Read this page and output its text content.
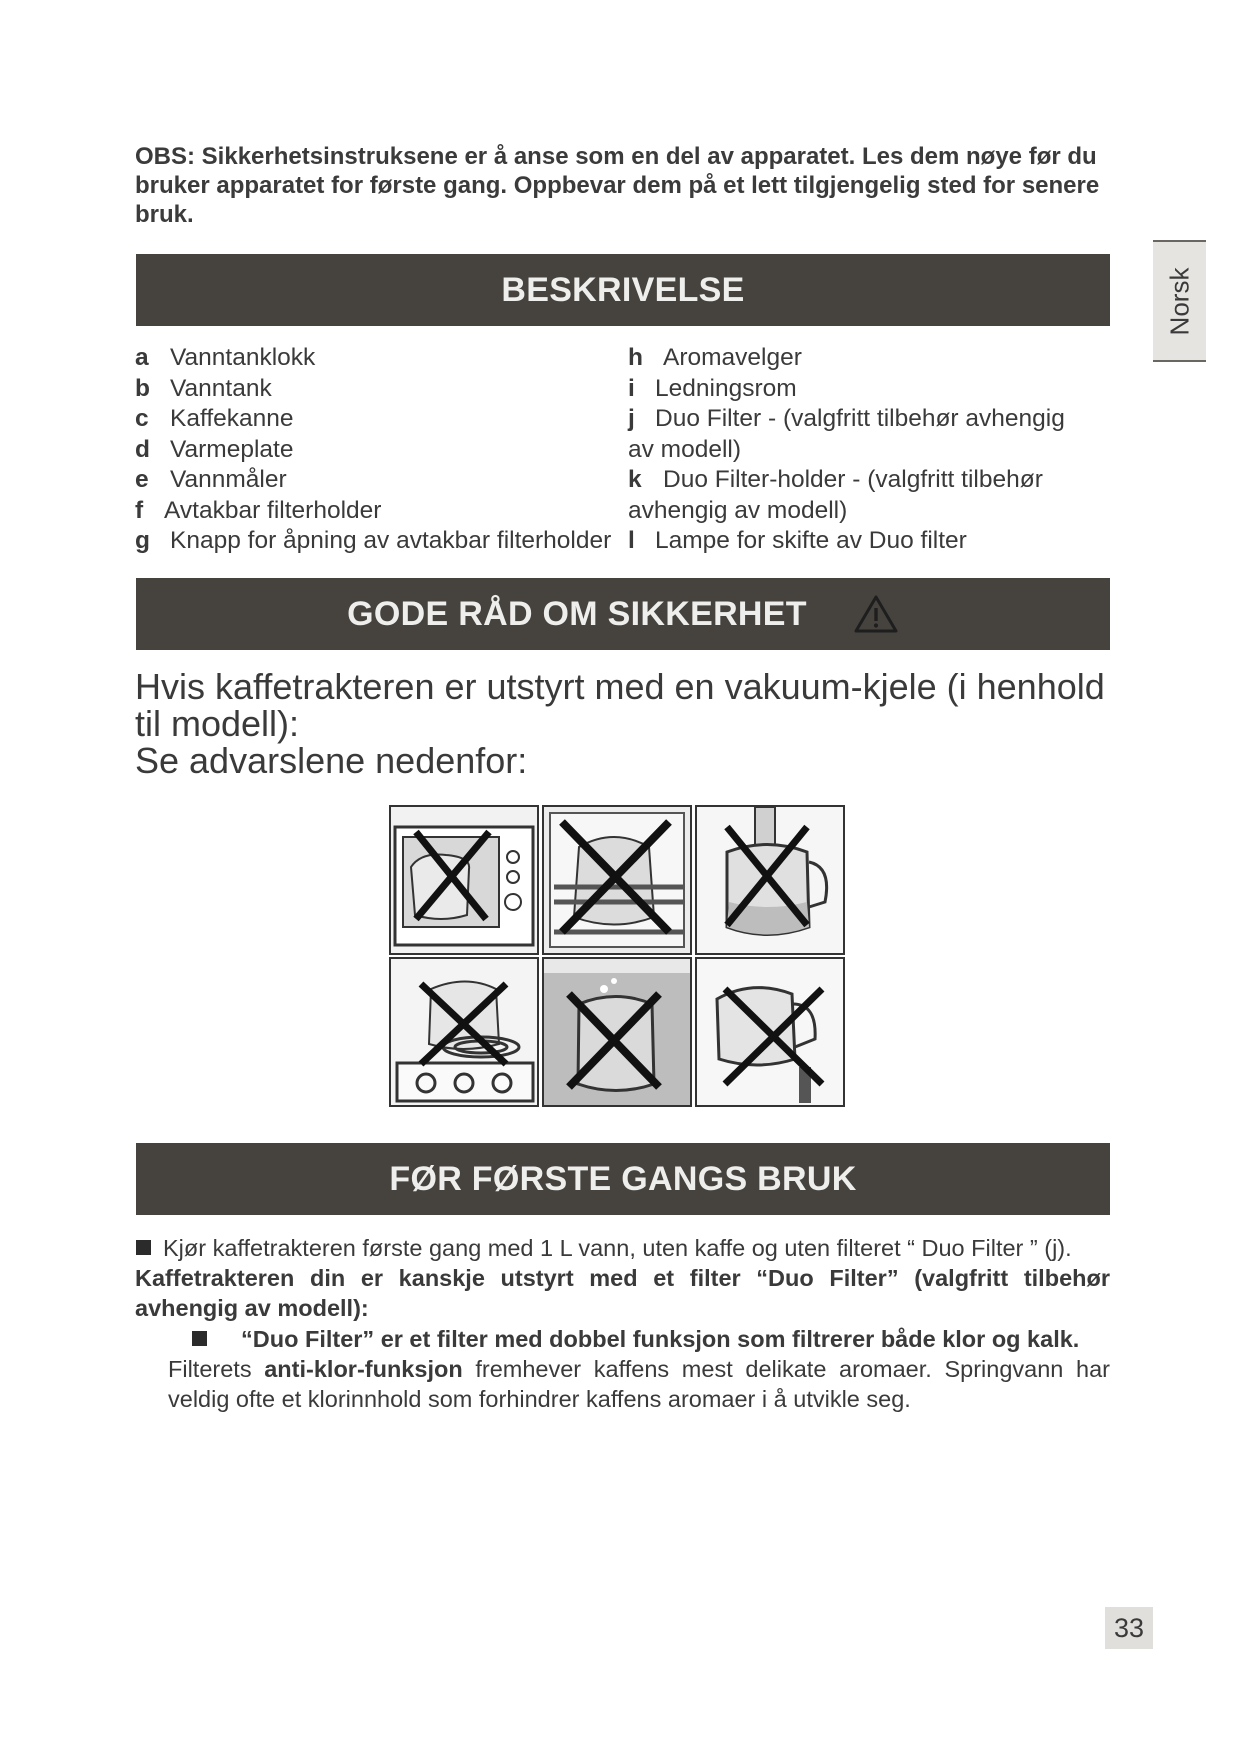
OBS: Sikkerhetsinstruksene er å anse som en del av apparatet. Les dem nøye før du bruker apparatet for første gang. Oppbevar dem på et lett tilgjengelig sted for senere bruk.
Norsk
BESKRIVELSE
a Vanntanklokk
b Vanntank
c Kaffekanne
d Varmeplate
e Vannmåler
f Avtakbar filterholder
g Knapp for åpning av avtakbar filterholder
h Aromavelger
i Ledningsrom
j Duo Filter - (valgfritt tilbehør avhengig
av modell)
k Duo Filter-holder - (valgfritt tilbehør
avhengig av modell)
l Lampe for skifte av Duo filter
GODE RÅD OM SIKKERHET
Hvis kaffetrakteren er utstyrt med en vakuum-kjele (i henhold
til modell):
Se advarslene nedenfor:
FØR FØRSTE GANGS BRUK
Kjør kaffetrakteren første gang med 1 L vann, uten kaffe og uten filteret “ Duo Filter ” (j).
Kaffetrakteren din er kanskje utstyrt med et filter “Duo Filter” (valgfritt tilbehør avhengig av modell):
“Duo Filter” er et filter med dobbel funksjon som filtrerer både klor og kalk.
Filterets anti-klor-funksjon fremhever kaffens mest delikate aromaer. Springvann har veldig ofte et klorinnhold som forhindrer kaffens aromaer i å utvikle seg.
33
